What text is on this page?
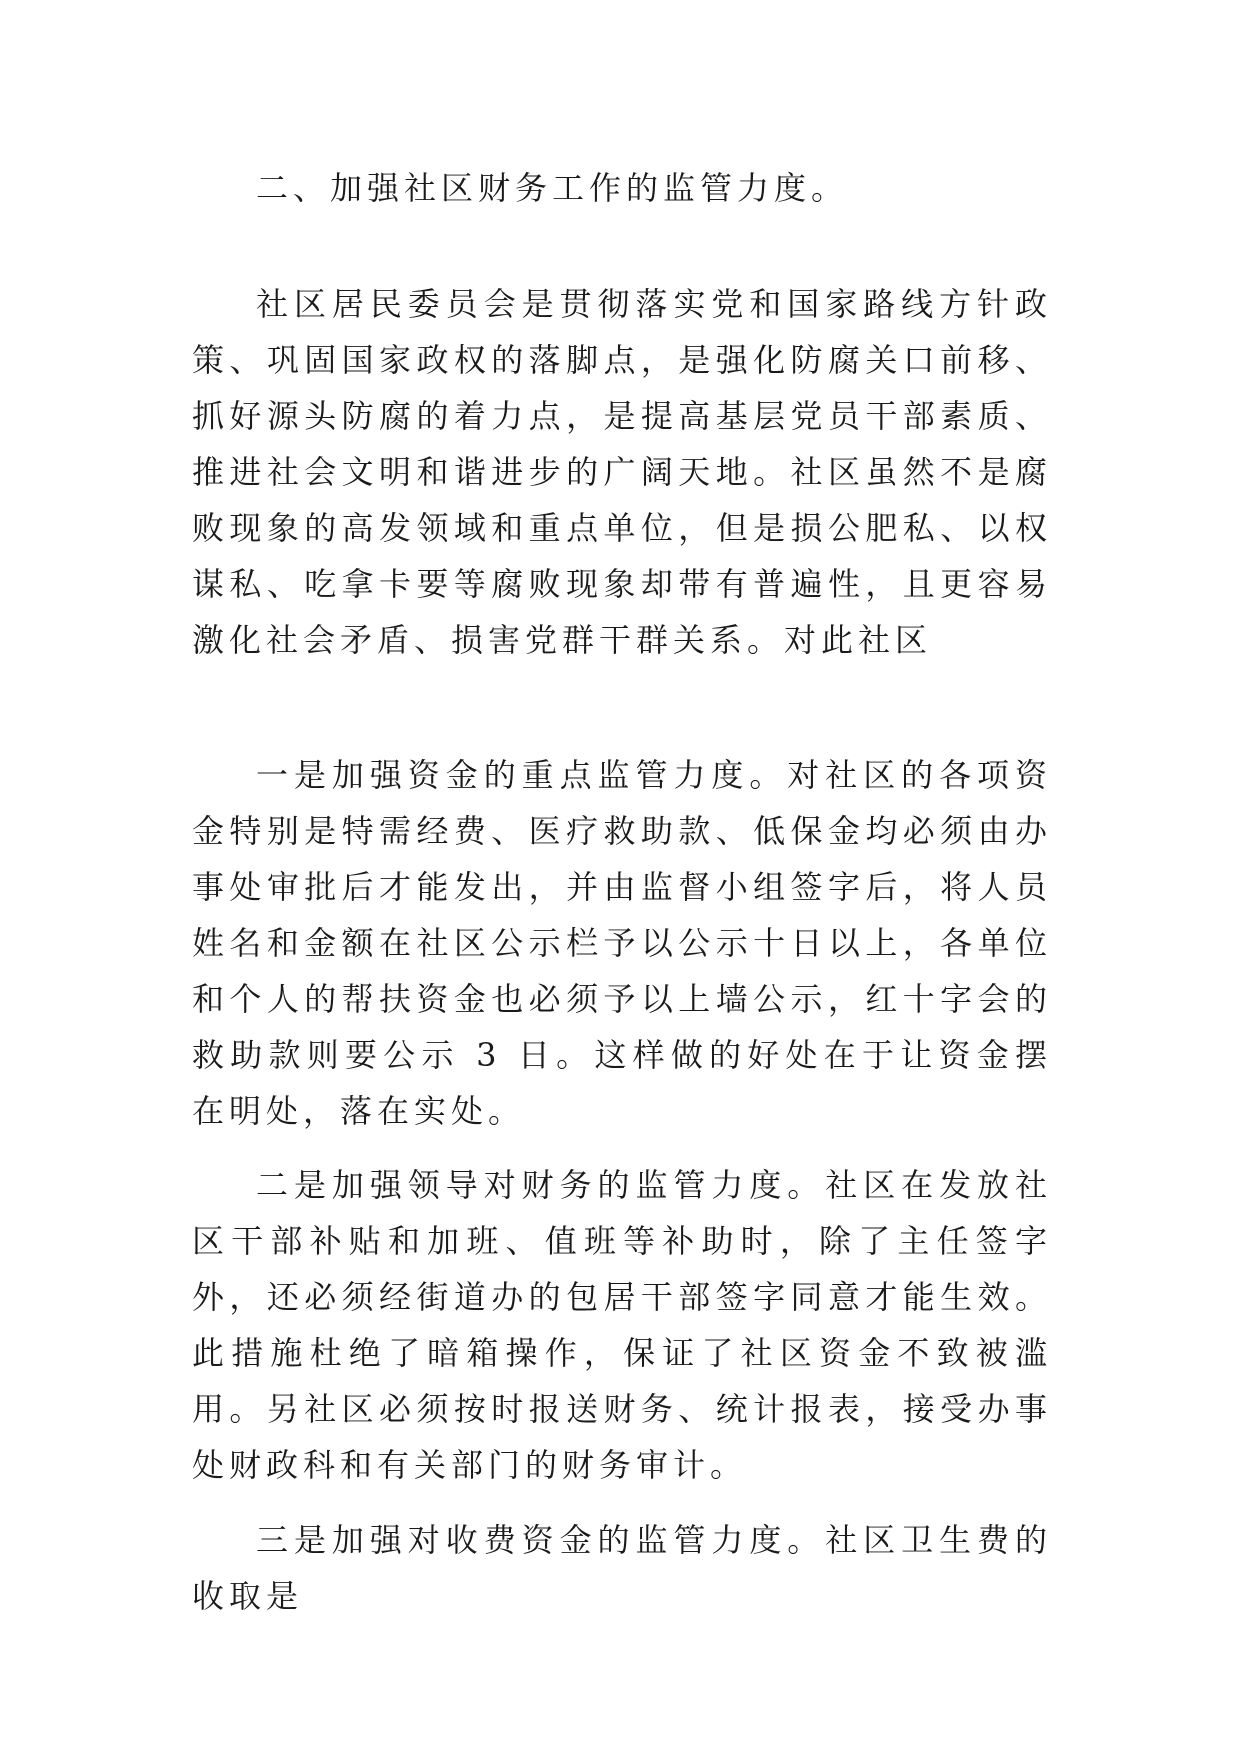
二、加强社区财务工作的监管力度。

社区居民委员会是贯彻落实党和国家路线方针政策、巩固国家政权的落脚点，是强化防腐关口前移、抓好源头防腐的着力点，是提高基层党员干部素质、推进社会文明和谐进步的广阔天地。社区虽然不是腐败现象的高发领域和重点单位，但是损公肥私、以权谋私、吃拿卡要等腐败现象却带有普遍性，且更容易激化社会矛盾、损害党群干群关系。对此社区

一是加强资金的重点监管力度。对社区的各项资金特别是特需经费、医疗救助款、低保金均必须由办事处审批后才能发出，并由监督小组签字后，将人员姓名和金额在社区公示栏予以公示十日以上，各单位和个人的帮扶资金也必须予以上墙公示，红十字会的救助款则要公示 3 日。这样做的好处在于让资金摆在明处，落在实处。

二是加强领导对财务的监管力度。社区在发放社区干部补贴和加班、值班等补助时，除了主任签字外，还必须经街道办的包居干部签字同意才能生效。此措施杜绝了暗箱操作，保证了社区资金不致被滥用。另社区必须按时报送财务、统计报表，接受办事处财政科和有关部门的财务审计。

三是加强对收费资金的监管力度。社区卫生费的收取是
